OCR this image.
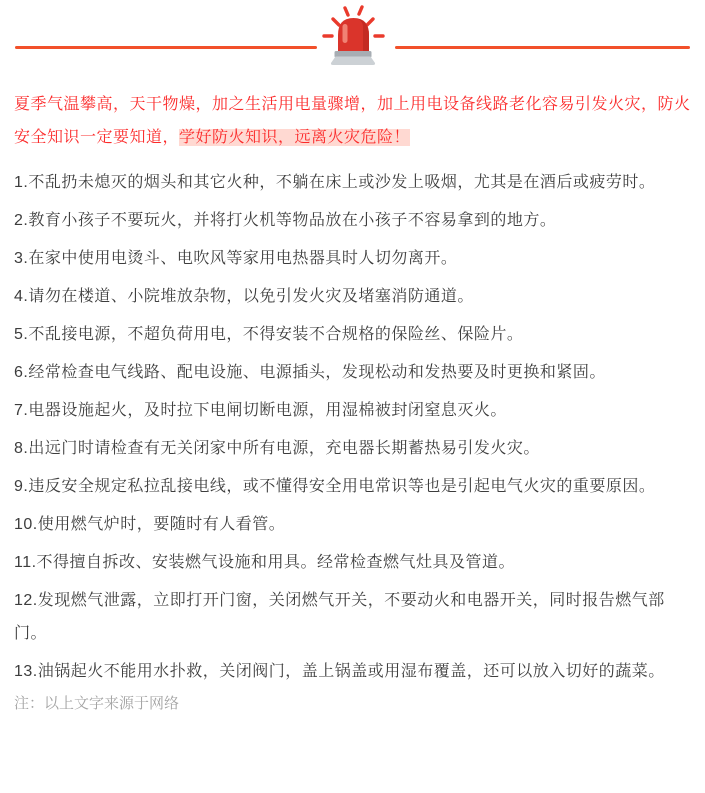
夏季气温攀高，天干物燥，加之生活用电量骤增，加上用电设备线路老化容易引发火灾，防火安全知识一定要知道，学好防火知识，远离火灾危险！

1.不乱扔未熄灭的烟头和其它火种，不躺在床上或沙发上吸烟，尤其是在酒后或疲劳时。

2.教育小孩子不要玩火，并将打火机等物品放在小孩子不容易拿到的地方。

3.在家中使用电烫斗、电吹风等家用电热器具时人切勿离开。

4.请勿在楼道、小院堆放杂物，以免引发火灾及堵塞消防通道。

5.不乱接电源，不超负荷用电，不得安装不合规格的保险丝、保险片。

6.经常检查电气线路、配电设施、电源插头，发现松动和发热要及时更换和紧固。

7.电器设施起火，及时拉下电闸切断电源，用湿棉被封闭窒息灭火。

8.出远门时请检查有无关闭家中所有电源，充电器长期蓄热易引发火灾。

9.违反安全规定私拉乱接电线，或不懂得安全用电常识等也是引起电气火灾的重要原因。

10.使用燃气炉时，要随时有人看管。

11.不得擅自拆改、安装燃气设施和用具。经常检查燃气灶具及管道。

12.发现燃气泄露，立即打开门窗，关闭燃气开关，不要动火和电器开关，同时报告燃气部门。

13.油锅起火不能用水扑救，关闭阀门，盖上锅盖或用湿布覆盖，还可以放入切好的蔬菜。

注：以上文字来源于网络
